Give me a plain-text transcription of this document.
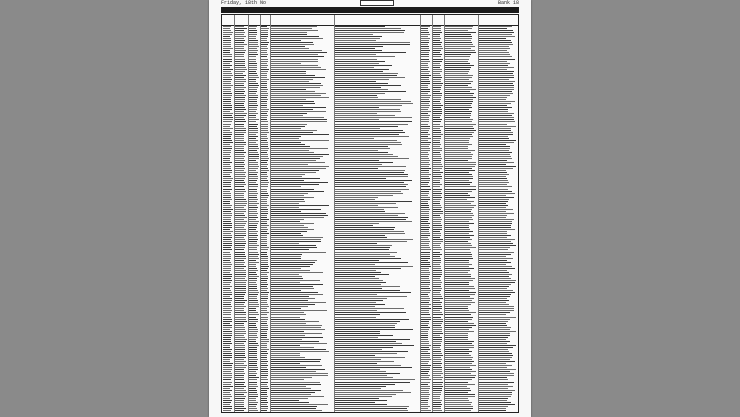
Friday, 18th No	Bank 18
